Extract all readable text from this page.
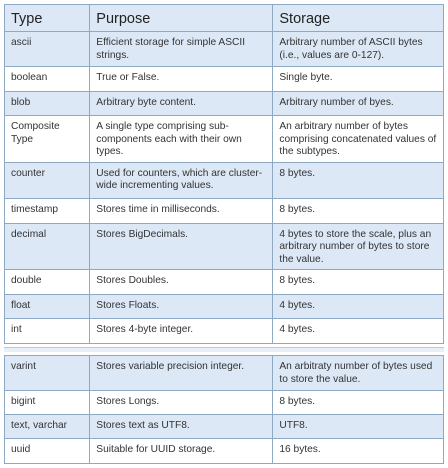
Type	Purpose	Storage
ascii	Efficient storage for simple ASCII strings.	Arbitrary number of ASCII bytes (i.e., values are 0-127).
boolean	True or False.	Single byte.
blob	Arbitrary byte content.	Arbitrary number of byes.
Composite Type	A single type comprising sub-components each with their own types.	An arbitrary number of bytes comprising concatenated values of the subtypes.
counter	Used for counters, which are cluster-wide incrementing values.	8 bytes.
timestamp	Stores time in milliseconds.	8 bytes.
decimal	Stores BigDecimals.	4 bytes to store the scale, plus an arbitrary number of bytes to store the value.
double	Stores Doubles.	8 bytes.
float	Stores Floats.	4 bytes.
int	Stores 4-byte integer.	4 bytes.
varint	Stores variable precision integer.	An arbitraty number of bytes used to store the value.
bigint	Stores Longs.	8 bytes.
text, varchar	Stores text as UTF8.	UTF8.
uuid	Suitable for UUID storage.	16 bytes.
